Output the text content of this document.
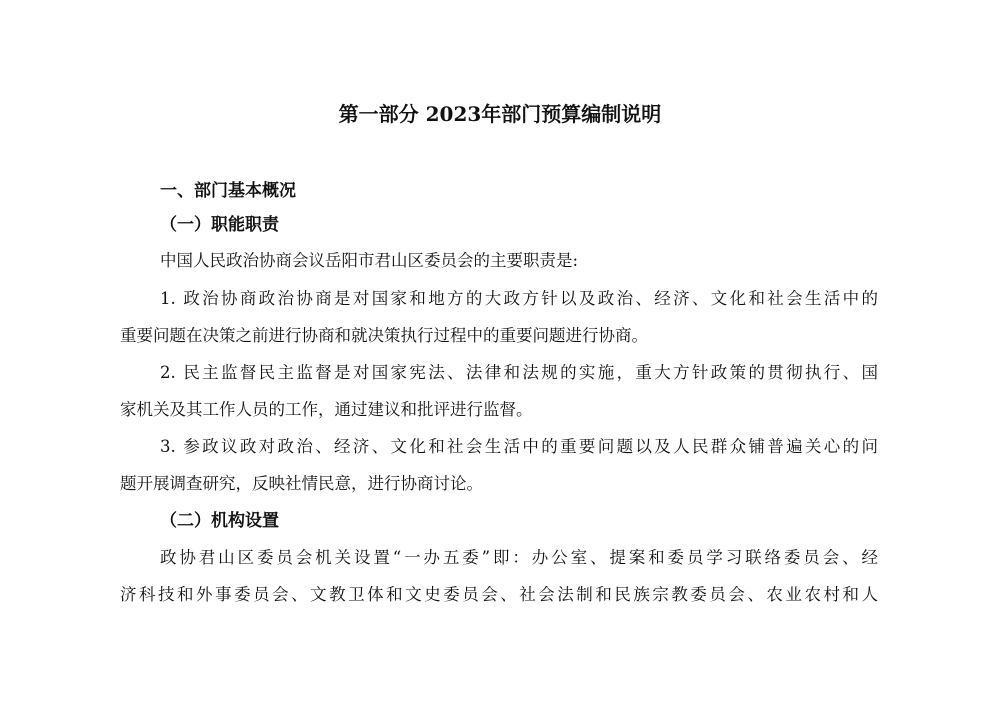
第一部分 2023年部门预算编制说明
一、部门基本概况
（一）职能职责
中国人民政治协商会议岳阳市君山区委员会的主要职责是:
1. 政治协商政治协商是对国家和地方的大政方针以及政治、经济、文化和社会生活中的
重要问题在决策之前进行协商和就决策执行过程中的重要问题进行协商。
2. 民主监督民主监督是对国家宪法、法律和法规的实施，重大方针政策的贯彻执行、国
家机关及其工作人员的工作，通过建议和批评进行监督。
3. 参政议政对政治、经济、文化和社会生活中的重要问题以及人民群众铺普遍关心的问
题开展调查研究，反映社情民意，进行协商讨论。
（二）机构设置
政协君山区委员会机关设置“一办五委”即：办公室、提案和委员学习联络委员会、经
济科技和外事委员会、文教卫体和文史委员会、社会法制和民族宗教委员会、农业农村和人
